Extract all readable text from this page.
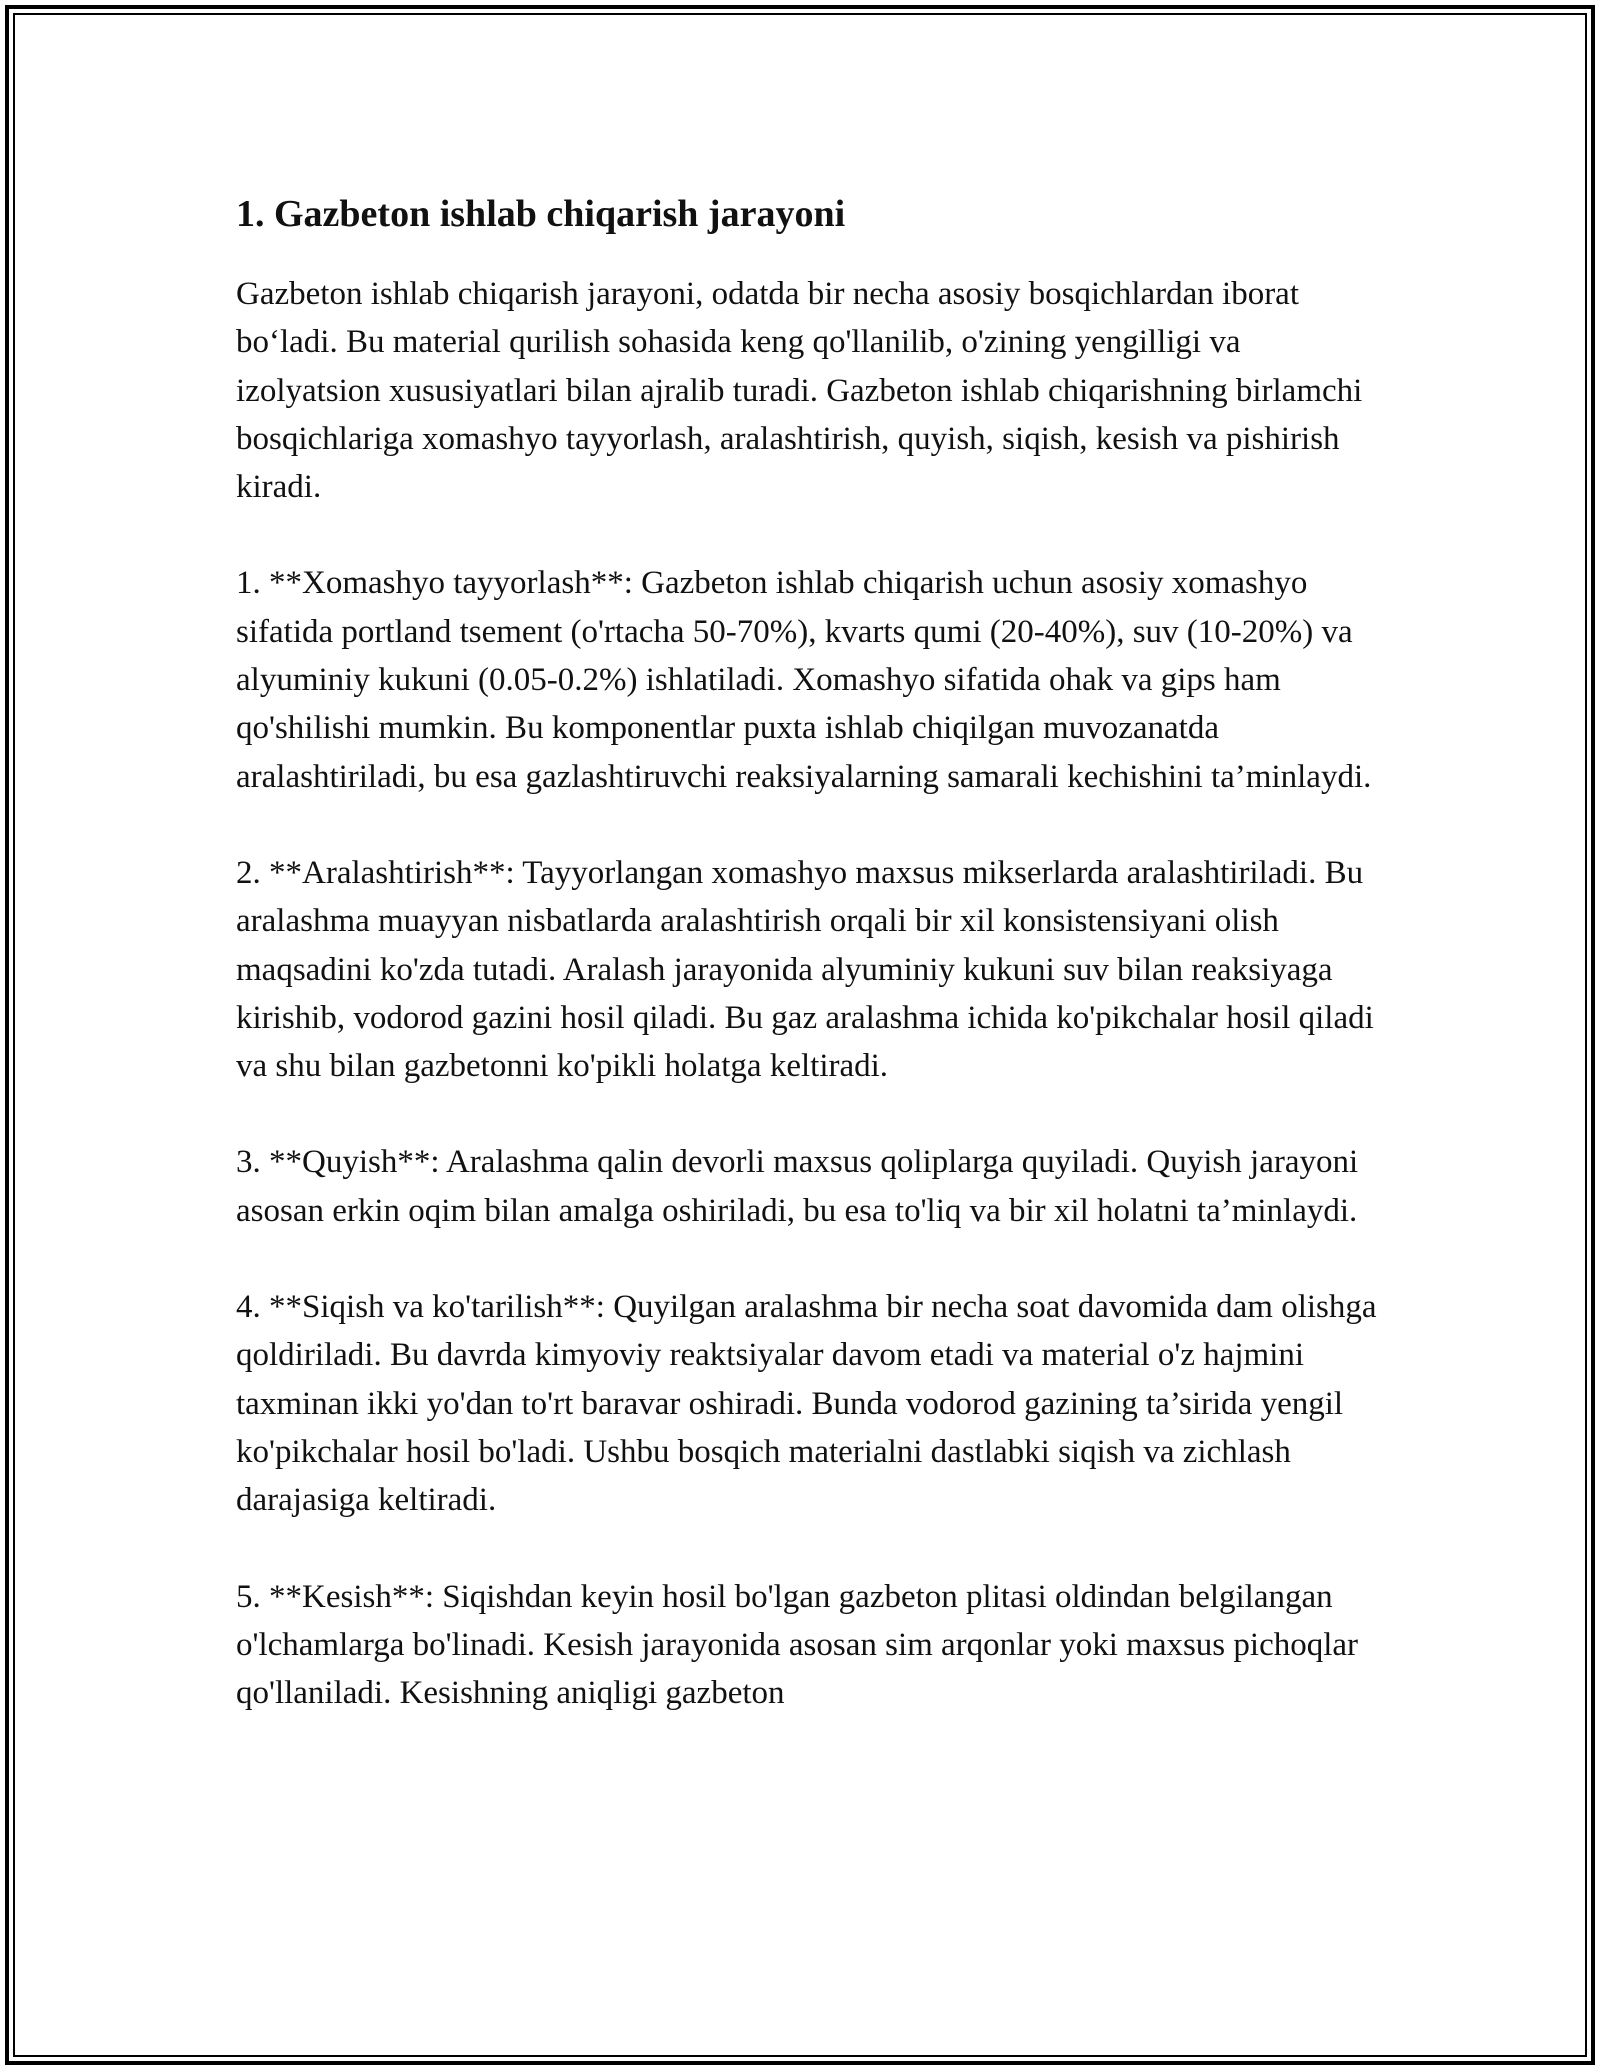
1. Gazbeton ishlab chiqarish jarayoni

Gazbeton ishlab chiqarish jarayoni, odatda bir necha asosiy bosqichlardan iborat bo‘ladi. Bu material qurilish sohasida keng qo'llanilib, o'zining yengilligi va izolyatsion xususiyatlari bilan ajralib turadi. Gazbeton ishlab chiqarishning birlamchi bosqichlariga xomashyo tayyorlash, aralashtirish, quyish, siqish, kesish va pishirish kiradi.

1. **Xomashyo tayyorlash**: Gazbeton ishlab chiqarish uchun asosiy xomashyo sifatida portland tsement (o'rtacha 50-70%), kvarts qumi (20-40%), suv (10-20%) va alyuminiy kukuni (0.05-0.2%) ishlatiladi. Xomashyo sifatida ohak va gips ham qo'shilishi mumkin. Bu komponentlar puxta ishlab chiqilgan muvozanatda aralashtiriladi, bu esa gazlashtiruvchi reaksiyalarning samarali kechishini ta’minlaydi.

2. **Aralashtirish**: Tayyorlangan xomashyo maxsus mikserlarda aralashtiriladi. Bu aralashma muayyan nisbatlarda aralashtirish orqali bir xil konsistensiyani olish maqsadini ko'zda tutadi. Aralash jarayonida alyuminiy kukuni suv bilan reaksiyaga kirishib, vodorod gazini hosil qiladi. Bu gaz aralashma ichida ko'pikchalar hosil qiladi va shu bilan gazbetonni ko'pikli holatga keltiradi.

3. **Quyish**: Aralashma qalin devorli maxsus qoliplarga quyiladi. Quyish jarayoni asosan erkin oqim bilan amalga oshiriladi, bu esa to'liq va bir xil holatni ta’minlaydi.

4. **Siqish va ko'tarilish**: Quyilgan aralashma bir necha soat davomida dam olishga qoldiriladi. Bu davrda kimyoviy reaktsiyalar davom etadi va material o'z hajmini taxminan ikki yo'dan to'rt baravar oshiradi. Bunda vodorod gazining ta’sirida yengil ko'pikchalar hosil bo'ladi. Ushbu bosqich materialni dastlabki siqish va zichlash darajasiga keltiradi.

5. **Kesish**: Siqishdan keyin hosil bo'lgan gazbeton plitasi oldindan belgilangan o'lchamlarga bo'linadi. Kesish jarayonida asosan sim arqonlar yoki maxsus pichoqlar qo'llaniladi. Kesishning aniqligi gazbeton
